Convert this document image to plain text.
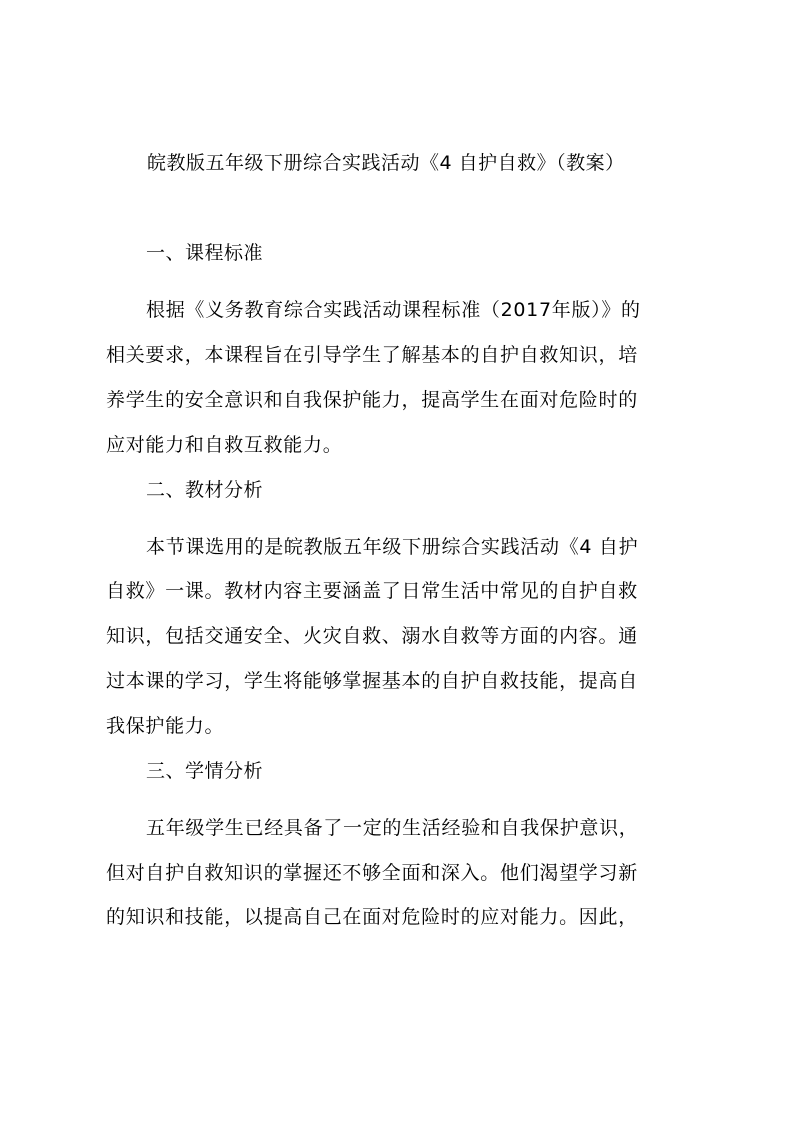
皖教版五年级下册综合实践活动《4 自护自救》（教案）
一、课程标准
根据《义务教育综合实践活动课程标准（2017年版）》的
相关要求，本课程旨在引导学生了解基本的自护自救知识，培
养学生的安全意识和自我保护能力，提高学生在面对危险时的
应对能力和自救互救能力。
二、教材分析
本节课选用的是皖教版五年级下册综合实践活动《4 自护
自救》一课。教材内容主要涵盖了日常生活中常见的自护自救
知识，包括交通安全、火灾自救、溺水自救等方面的内容。通
过本课的学习，学生将能够掌握基本的自护自救技能，提高自
我保护能力。
三、学情分析
五年级学生已经具备了一定的生活经验和自我保护意识，
但对自护自救知识的掌握还不够全面和深入。他们渴望学习新
的知识和技能，以提高自己在面对危险时的应对能力。因此，
